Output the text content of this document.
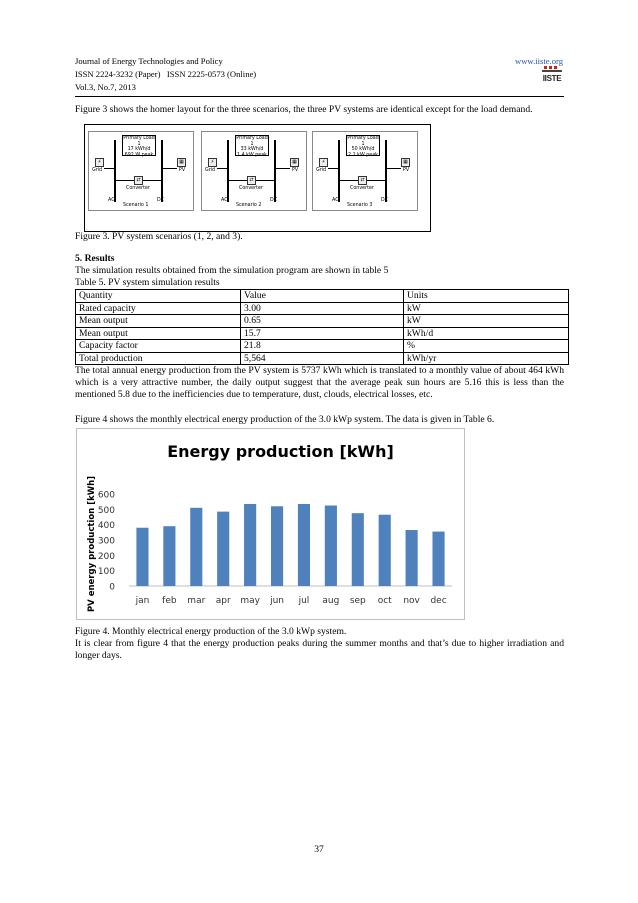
Journal of Energy Technologies and Policy	www.iiste.org
ISSN 2224-3232 (Paper)   ISSN 2225-0573 (Online)
Vol.3, No.7, 2013
IISTE
Figure 3 shows the homer layout for the three scenarios, the three PV systems are identical except for the load demand.
Primary Load 1
17 kWh/d
692 W peak
⚡
Grid
▦
PV
⇄
Converter
AC	DC
Scenario 1
Primary Load 1
33 kWh/d
1.4 kW peak
⚡
Grid
▦
PV
⇄
Converter
AC	DC
Scenario 2
Primary Load 1
50 kWh/d
2.1 kW peak
⚡
Grid
▦
PV
⇄
Converter
AC	DC
Scenario 3
Figure 3. PV system scenarios (1, 2, and 3).
5. Results
The simulation results obtained from the simulation program are shown in table 5
Table 5. PV system simulation results
Quantity	Value	Units
Rated capacity	3.00	kW
Mean output	0.65	kW
Mean output	15.7	kWh/d
Capacity factor	21.8	%
Total production	5,564	kWh/yr
The total annual energy production from the PV system is 5737 kWh which is translated to a monthly value of about 464 kWh which is a very attractive number, the daily output suggest that the average peak sun hours are 5.16 this is less than the mentioned 5.8 due to the inefficiencies due to temperature, dust, clouds, electrical losses, etc.
Figure 4 shows the monthly electrical energy production of the 3.0 kWp system. The data is given in Table 6.
Energy production [kWh]
PV energy production [kWh] 0
100
200
300
400
500
600
jan feb mar apr may jun jul aug sep oct nov dec
Figure 4. Monthly electrical energy production of the 3.0 kWp system.
It is clear from figure 4 that the energy production peaks during the summer months and that’s due to higher irradiation and longer days.
37
